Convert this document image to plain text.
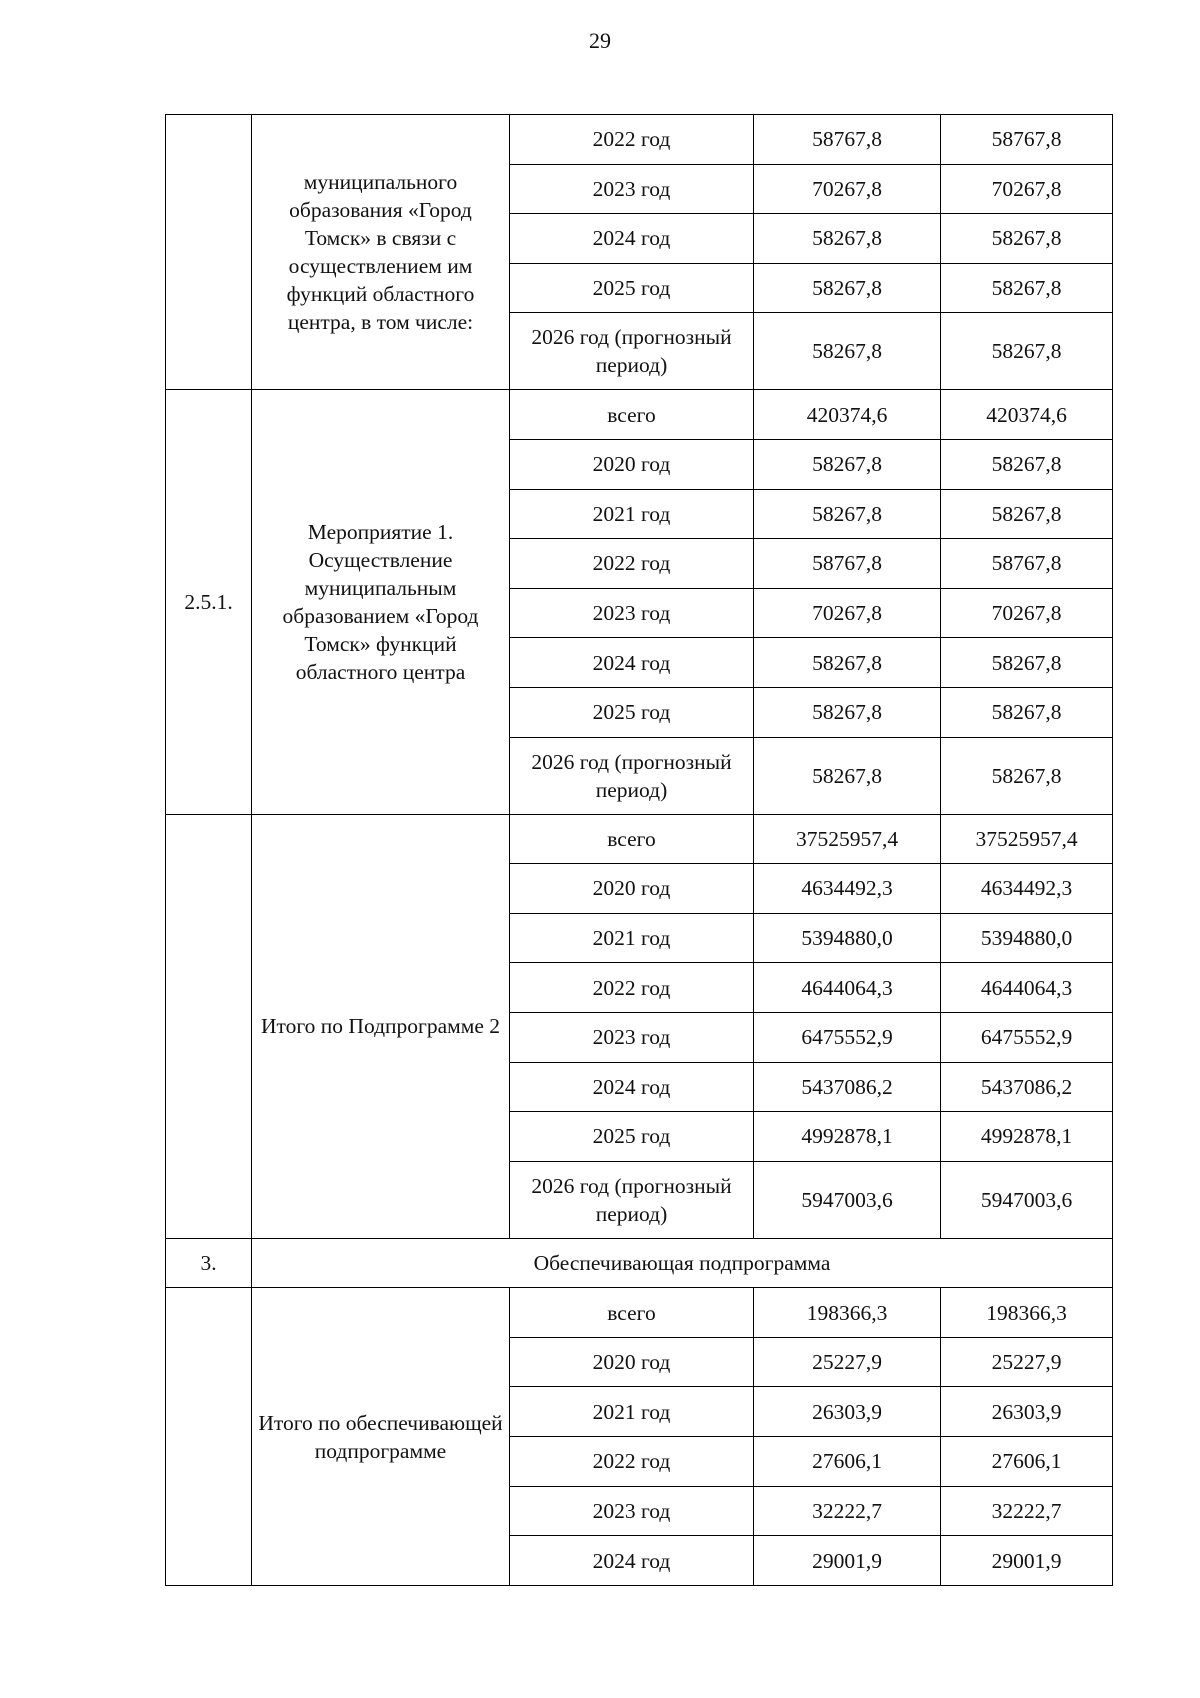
29
	муниципального образования «Город Томск» в связи с осуществлением им функций областного центра, в том числе:	2022 год	58767,8	58767,8
		2023 год	70267,8	70267,8
		2024 год	58267,8	58267,8
		2025 год	58267,8	58267,8
		2026 год (прогнозный период)	58267,8	58267,8
2.5.1.	Мероприятие 1. Осуществление муниципальным образованием «Город Томск» функций областного центра	всего	420374,6	420374,6
		2020 год	58267,8	58267,8
		2021 год	58267,8	58267,8
		2022 год	58767,8	58767,8
		2023 год	70267,8	70267,8
		2024 год	58267,8	58267,8
		2025 год	58267,8	58267,8
		2026 год (прогнозный период)	58267,8	58267,8
	Итого по Подпрограмме 2	всего	37525957,4	37525957,4
		2020 год	4634492,3	4634492,3
		2021 год	5394880,0	5394880,0
		2022 год	4644064,3	4644064,3
		2023 год	6475552,9	6475552,9
		2024 год	5437086,2	5437086,2
		2025 год	4992878,1	4992878,1
		2026 год (прогнозный период)	5947003,6	5947003,6
3.	Обеспечивающая подпрограмма			
	Итого по обеспечивающей подпрограмме	всего	198366,3	198366,3
		2020 год	25227,9	25227,9
		2021 год	26303,9	26303,9
		2022 год	27606,1	27606,1
		2023 год	32222,7	32222,7
		2024 год	29001,9	29001,9
